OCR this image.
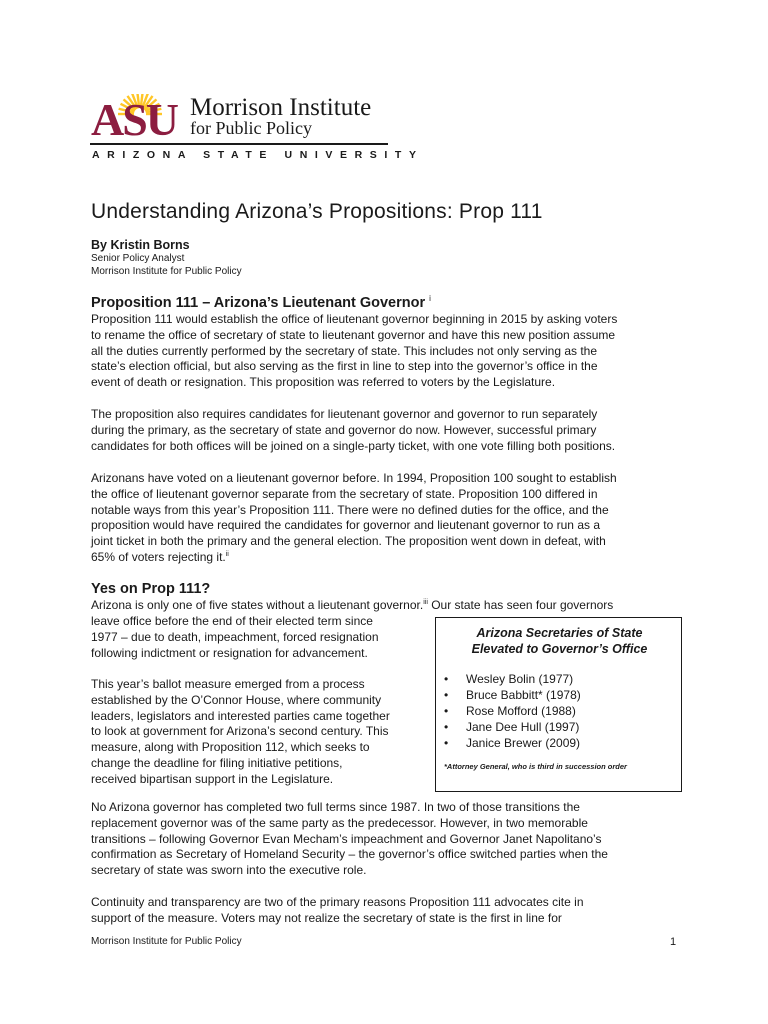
ASU Morrison Institute
for Public Policy
ARIZONA STATE UNIVERSITY
Understanding Arizona’s Propositions: Prop 111
By Kristin Borns
Senior Policy Analyst
Morrison Institute for Public Policy
Proposition 111 – Arizona’s Lieutenant Governor $^i$
Proposition 111 would establish the office of lieutenant governor beginning in 2015 by asking voters
to rename the office of secretary of state to lieutenant governor and have this new position assume
all the duties currently performed by the secretary of state. This includes not only serving as the
state’s election official, but also serving as the first in line to step into the governor’s office in the
event of death or resignation. This proposition was referred to voters by the Legislature.
The proposition also requires candidates for lieutenant governor and governor to run separately
during the primary, as the secretary of state and governor do now. However, successful primary
candidates for both offices will be joined on a single-party ticket, with one vote filling both positions.
Arizonans have voted on a lieutenant governor before. In 1994, Proposition 100 sought to establish
the office of lieutenant governor separate from the secretary of state. Proposition 100 differed in
notable ways from this year’s Proposition 111. There were no defined duties for the office, and the
proposition would have required the candidates for governor and lieutenant governor to run as a
joint ticket in both the primary and the general election. The proposition went down in defeat, with
65% of voters rejecting it.$^{ii}$
Yes on Prop 111?
Arizona is only one of five states without a lieutenant governor.$^{iii}$ Our state has seen four governors
leave office before the end of their elected term since
1977 – due to death, impeachment, forced resignation
following indictment or resignation for advancement.
This year’s ballot measure emerged from a process
established by the O’Connor House, where community
leaders, legislators and interested parties came together
to look at government for Arizona’s second century. This
measure, along with Proposition 112, which seeks to
change the deadline for filing initiative petitions,
received bipartisan support in the Legislature.
No Arizona governor has completed two full terms since 1987. In two of those transitions the
replacement governor was of the same party as the predecessor. However, in two memorable
transitions – following Governor Evan Mecham’s impeachment and Governor Janet Napolitano’s
confirmation as Secretary of Homeland Security – the governor’s office switched parties when the
secretary of state was sworn into the executive role.
Continuity and transparency are two of the primary reasons Proposition 111 advocates cite in
support of the measure. Voters may not realize the secretary of state is the first in line for
Arizona Secretaries of State
Elevated to Governor’s Office
• Wesley Bolin (1977)
• Bruce Babbitt* (1978)
• Rose Mofford (1988)
• Jane Dee Hull (1997)
• Janice Brewer (2009)
*Attorney General, who is third in succession order
Morrison Institute for Public Policy	1
